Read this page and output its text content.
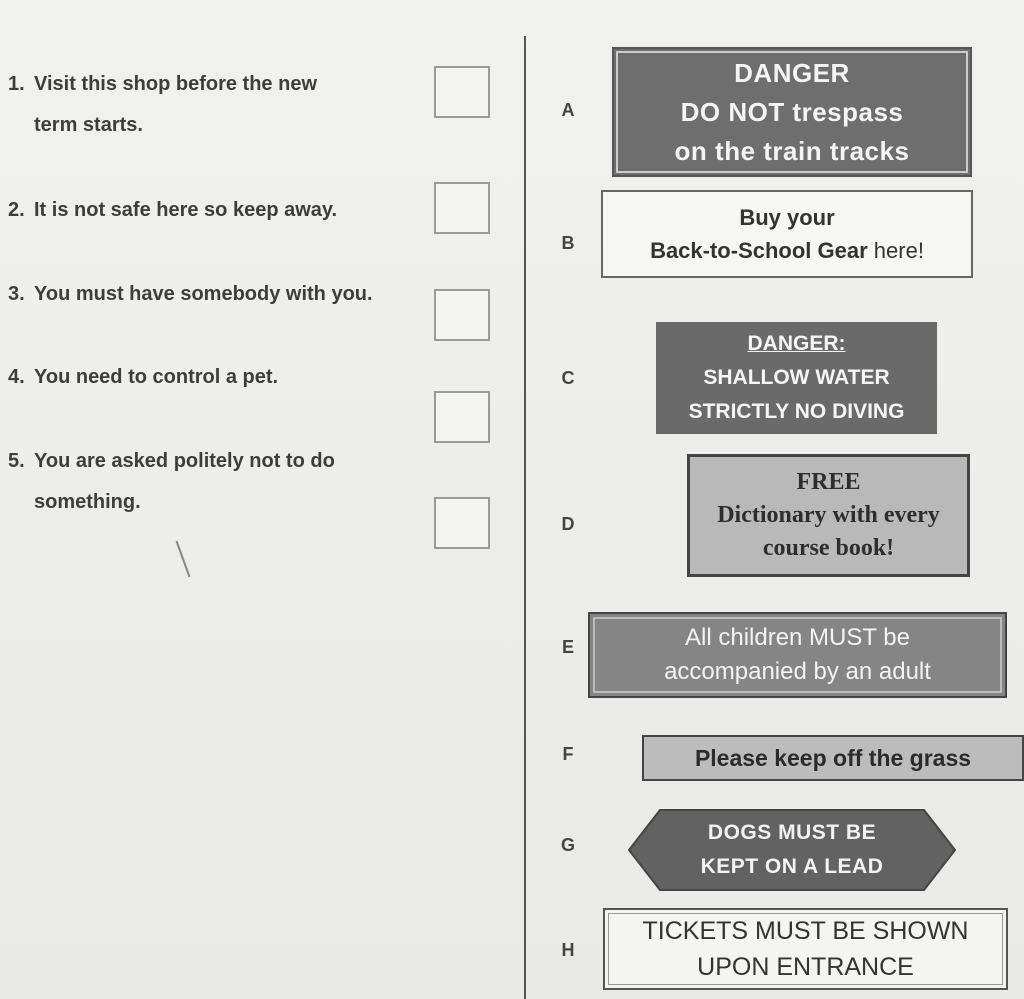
1. Visit this shop before the new
term starts.
2. It is not safe here so keep away.
3. You must have somebody with you.
4. You need to control a pet.
5. You are asked politely not to do
something.
A
B
C
D
E
F
G
H
DANGER
DO NOT trespass
on the train tracks
Buy your
Back-to-School Gear here!
DANGER:
SHALLOW WATER
STRICTLY NO DIVING
FREE
Dictionary with every
course book!
All children MUST be
accompanied by an adult
Please keep off the grass
DOGS MUST BE
KEPT ON A LEAD
TICKETS MUST BE SHOWN
UPON ENTRANCE
